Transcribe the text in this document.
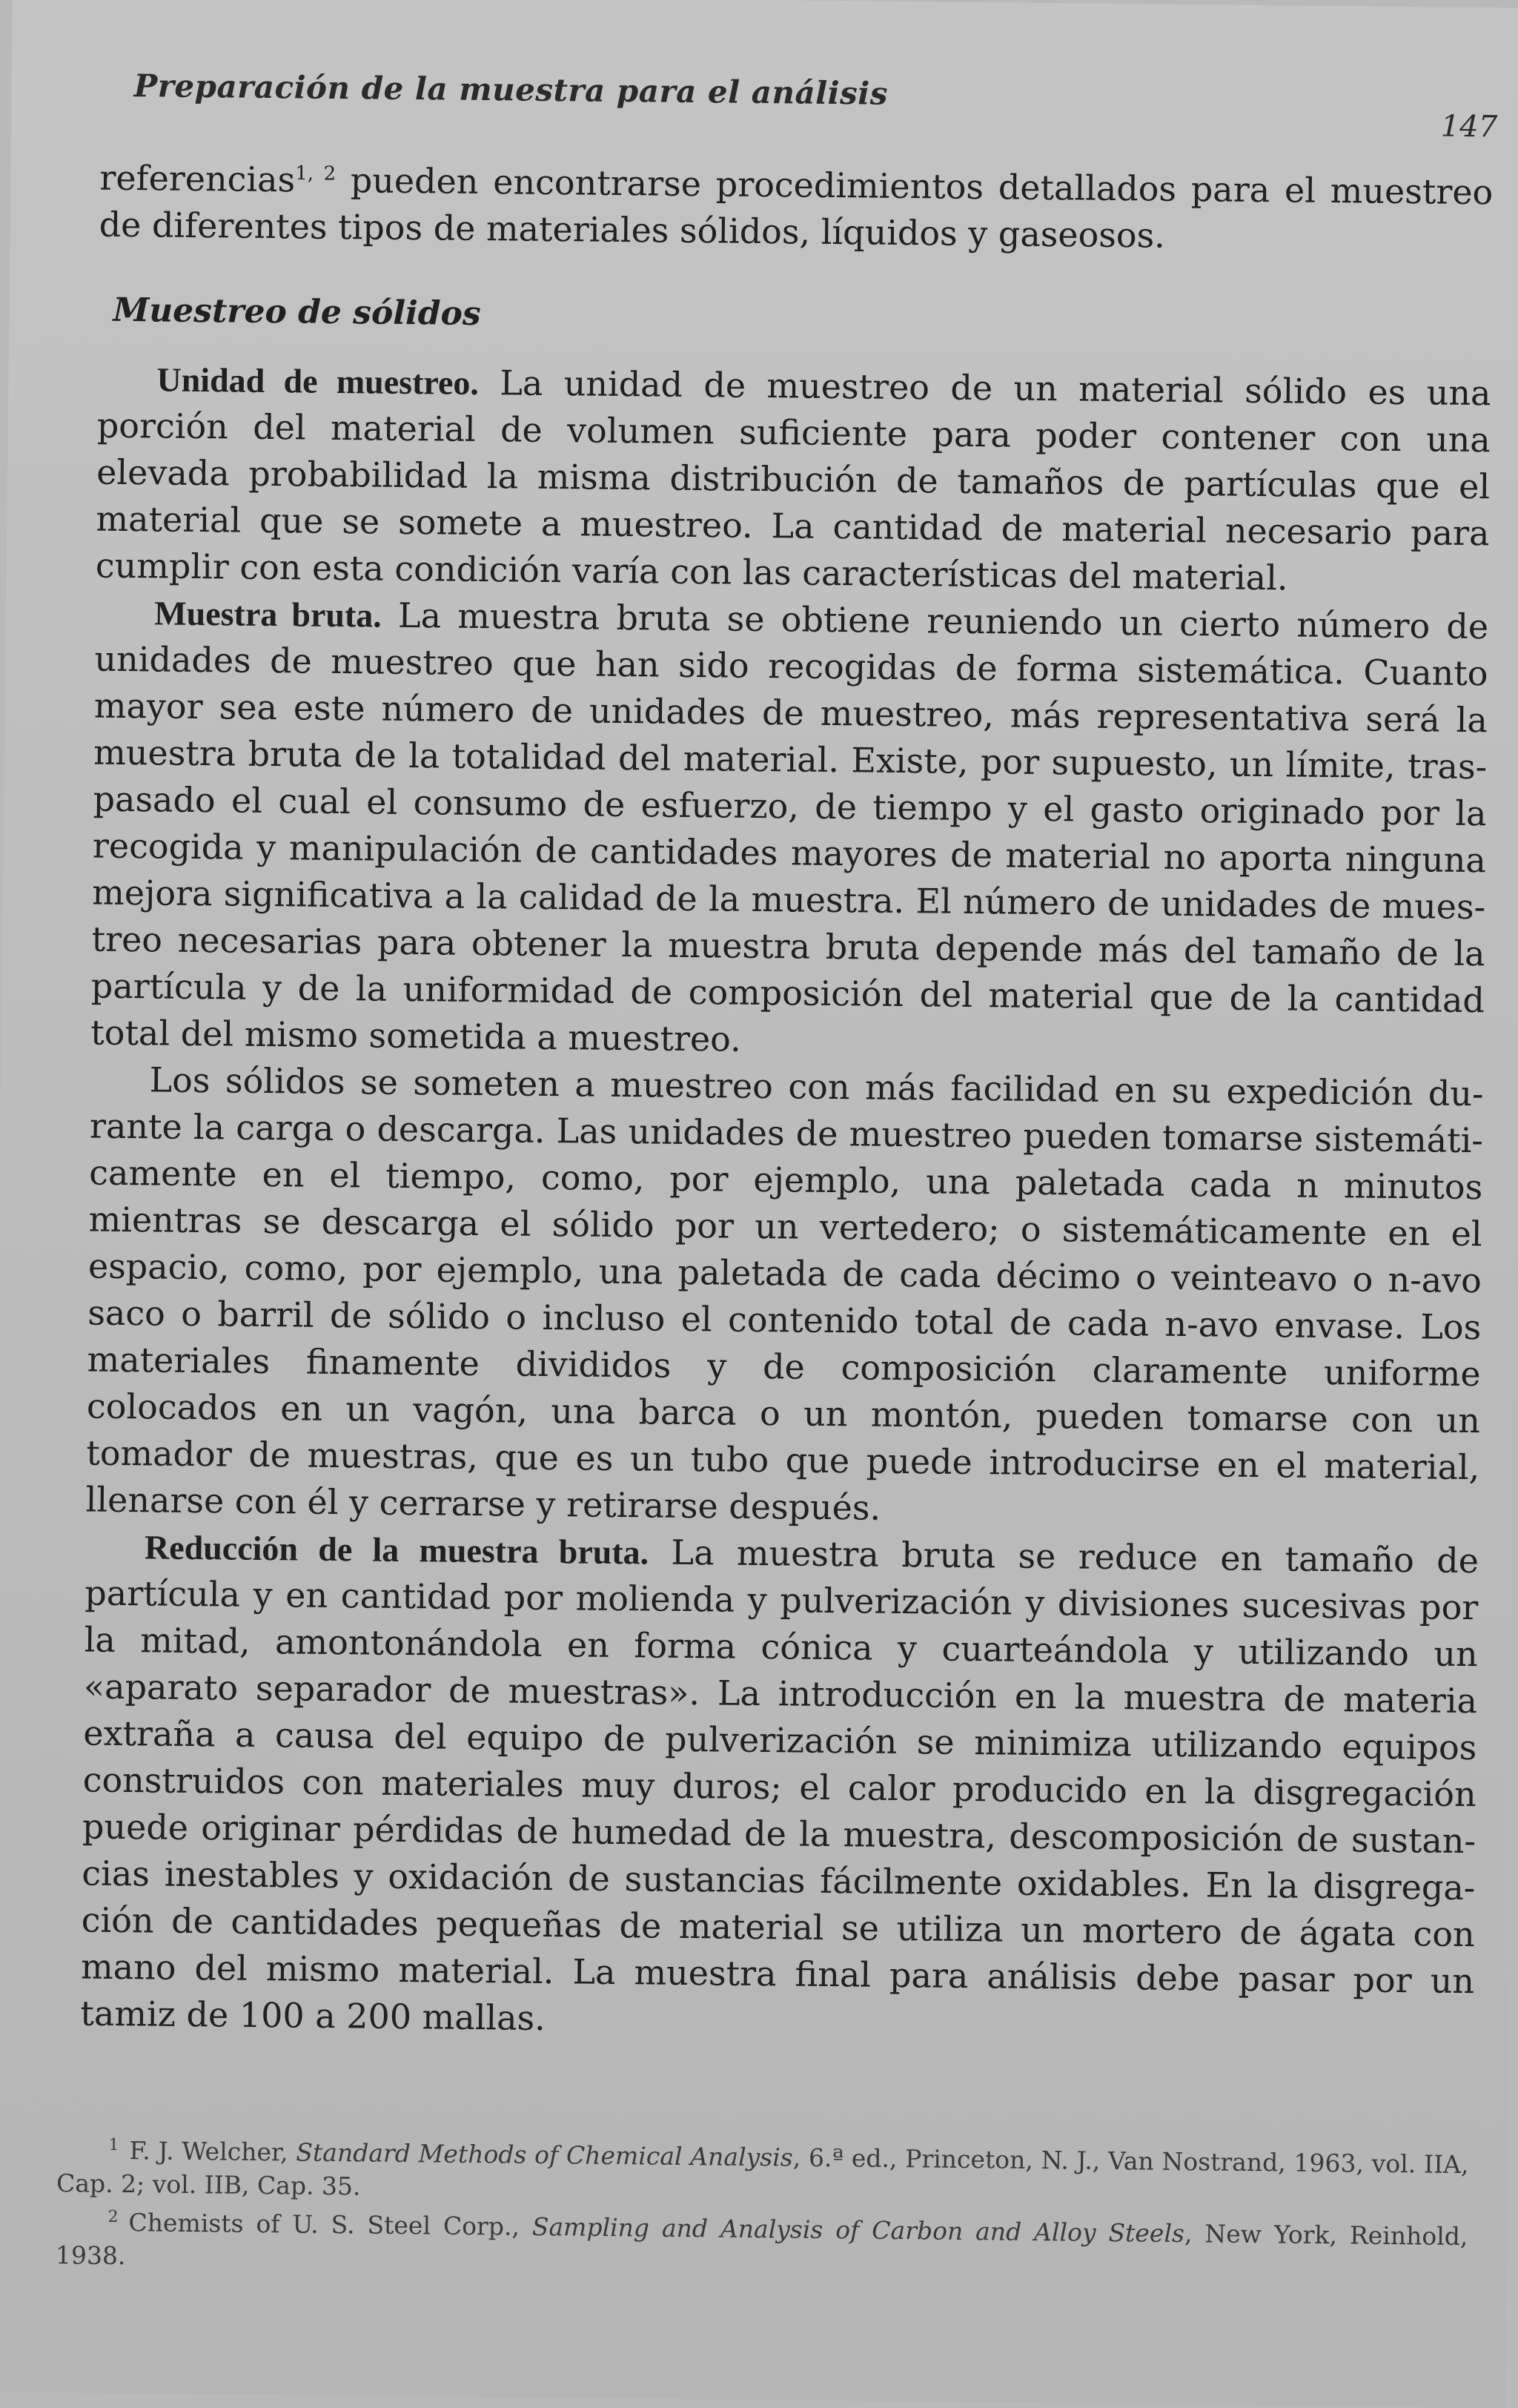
Preparación de la muestra para el análisis
147

referencias$^{1, 2}$ pueden encontrarse procedimientos detallados para el muestreo de diferentes tipos de materiales sólidos, líquidos y gaseosos.

Muestreo de sólidos

Unidad de muestreo. La unidad de muestreo de un material sólido es una porción del material de volumen suficiente para poder contener con una elevada probabilidad la misma distribución de tamaños de partículas que el material que se somete a muestreo. La cantidad de material necesario para cumplir con esta condición varía con las características del material.

Muestra bruta. La muestra bruta se obtiene reuniendo un cierto número de unidades de muestreo que han sido recogidas de forma sistemática. Cuanto mayor sea este número de unidades de muestreo, más representativa será la muestra bruta de la totalidad del material. Existe, por supuesto, un límite, traspasado el cual el consumo de esfuerzo, de tiempo y el gasto originado por la recogida y manipulación de cantidades mayores de material no aporta ninguna mejora significativa a la calidad de la muestra. El número de unidades de muestreo necesarias para obtener la muestra bruta depende más del tamaño de la partícula y de la uniformidad de composición del material que de la cantidad total del mismo sometida a muestreo.

Los sólidos se someten a muestreo con más facilidad en su expedición durante la carga o descarga. Las unidades de muestreo pueden tomarse sistemáticamente en el tiempo, como, por ejemplo, una paletada cada n minutos mientras se descarga el sólido por un vertedero; o sistemáticamente en el espacio, como, por ejemplo, una paletada de cada décimo o veinteavo o n-avo saco o barril de sólido o incluso el contenido total de cada n-avo envase. Los materiales finamente divididos y de composición claramente uniforme colocados en un vagón, una barca o un montón, pueden tomarse con un tomador de muestras, que es un tubo que puede introducirse en el material, llenarse con él y cerrarse y retirarse después.

Reducción de la muestra bruta. La muestra bruta se reduce en tamaño de partícula y en cantidad por molienda y pulverización y divisiones sucesivas por la mitad, amontonándola en forma cónica y cuarteándola y utilizando un «aparato separador de muestras». La introducción en la muestra de materia extraña a causa del equipo de pulverización se minimiza utilizando equipos construidos con materiales muy duros; el calor producido en la disgregación puede originar pérdidas de humedad de la muestra, descomposición de sustancias inestables y oxidación de sustancias fácilmente oxidables. En la disgregación de cantidades pequeñas de material se utiliza un mortero de ágata con mano del mismo material. La muestra final para análisis debe pasar por un tamiz de 100 a 200 mallas.

$^1$ F. J. Welcher, Standard Methods of Chemical Analysis, 6.ª ed., Princeton, N. J., Van Nostrand, 1963, vol. IIA, Cap. 2; vol. IIB, Cap. 35.

$^2$ Chemists of U. S. Steel Corp., Sampling and Analysis of Carbon and Alloy Steels, New York, Reinhold, 1938.
